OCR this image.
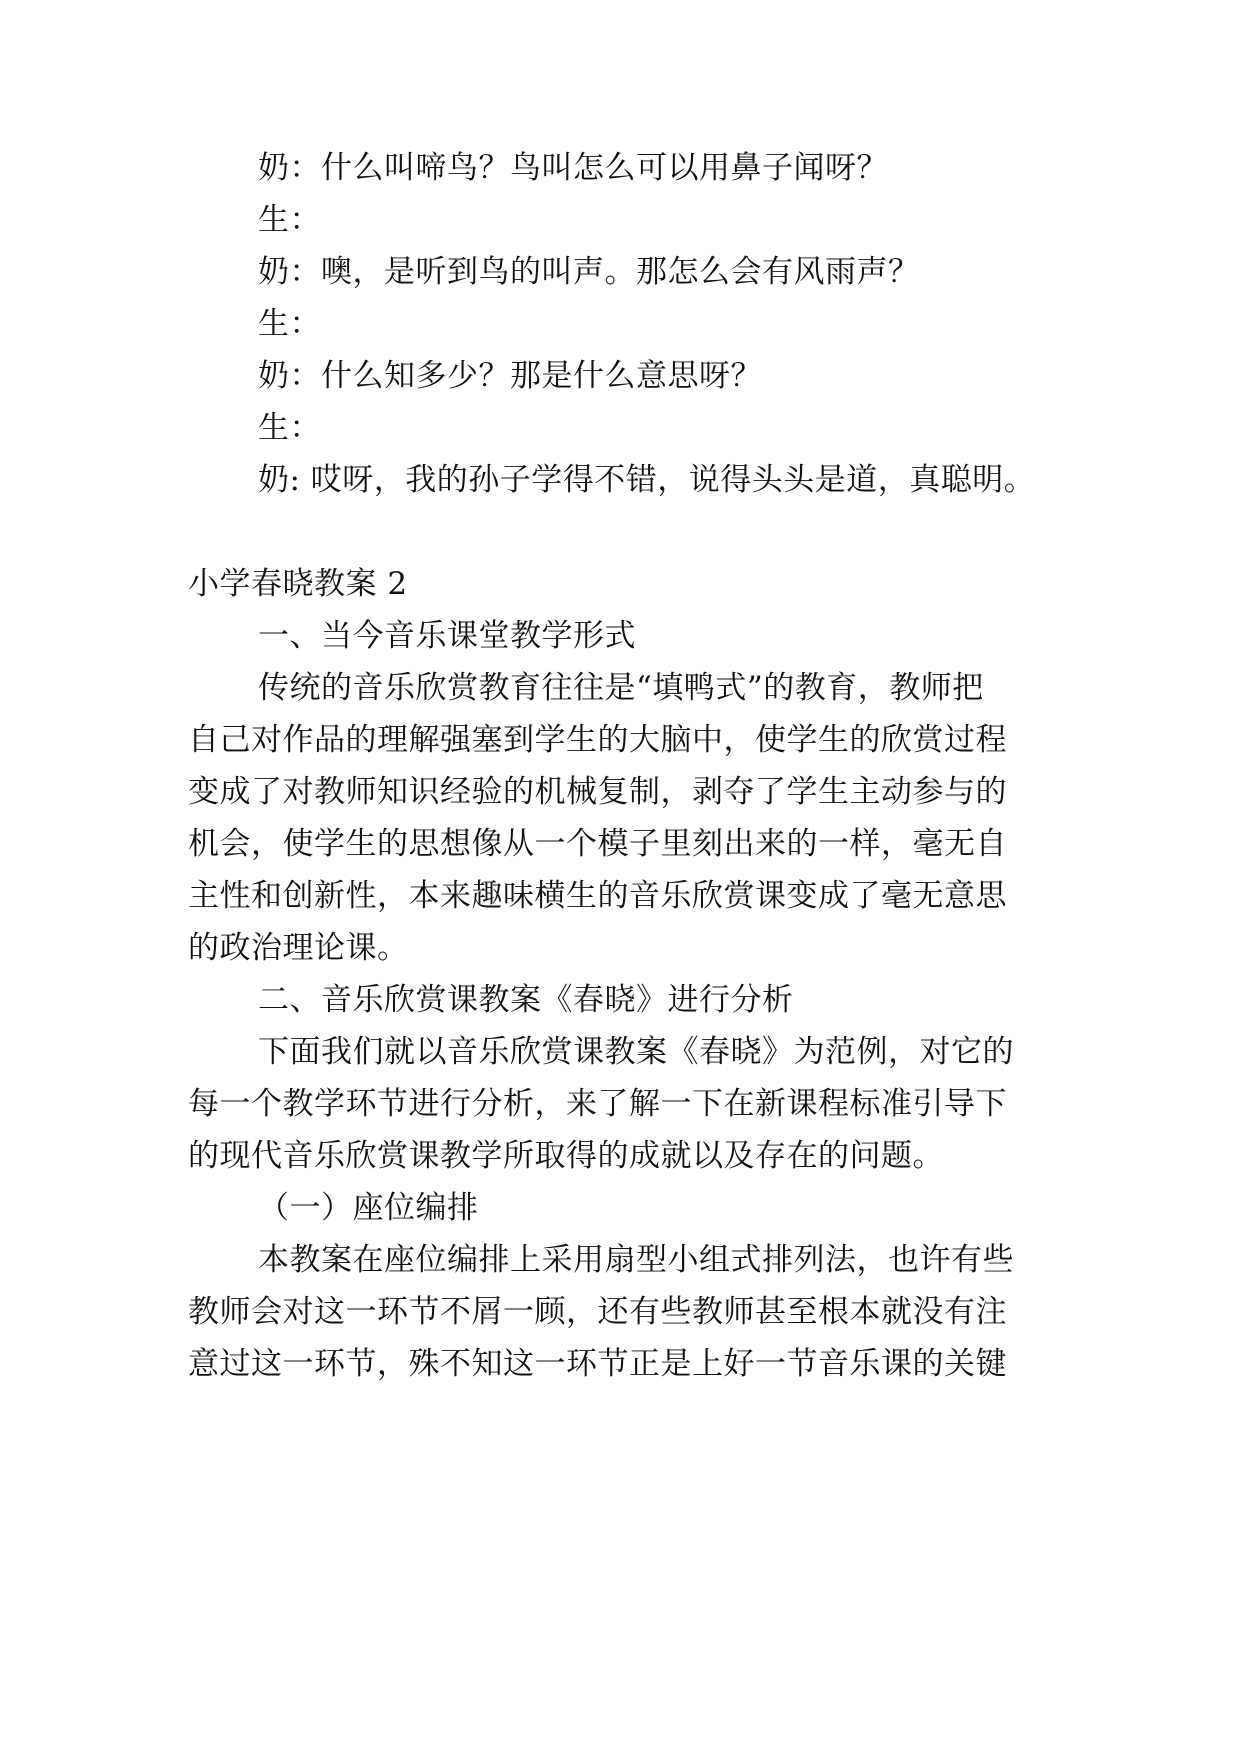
奶：什么叫啼鸟？鸟叫怎么可以用鼻子闻呀？
生：
奶：噢，是听到鸟的叫声。那怎么会有风雨声？
生：
奶：什么知多少？那是什么意思呀？
生：
奶: 哎呀，我的孙子学得不错，说得头头是道，真聪明。
小学春晓教案 2
一、当今音乐课堂教学形式
传统的音乐欣赏教育往往是“填鸭式”的教育，教师把
自己对作品的理解强塞到学生的大脑中，使学生的欣赏过程
变成了对教师知识经验的机械复制，剥夺了学生主动参与的
机会，使学生的思想像从一个模子里刻出来的一样，毫无自
主性和创新性，本来趣味横生的音乐欣赏课变成了毫无意思
的政治理论课。
二、音乐欣赏课教案《春晓》进行分析
下面我们就以音乐欣赏课教案《春晓》为范例，对它的
每一个教学环节进行分析，来了解一下在新课程标准引导下
的现代音乐欣赏课教学所取得的成就以及存在的问题。
（一）座位编排
本教案在座位编排上采用扇型小组式排列法，也许有些
教师会对这一环节不屑一顾，还有些教师甚至根本就没有注
意过这一环节，殊不知这一环节正是上好一节音乐课的关键
